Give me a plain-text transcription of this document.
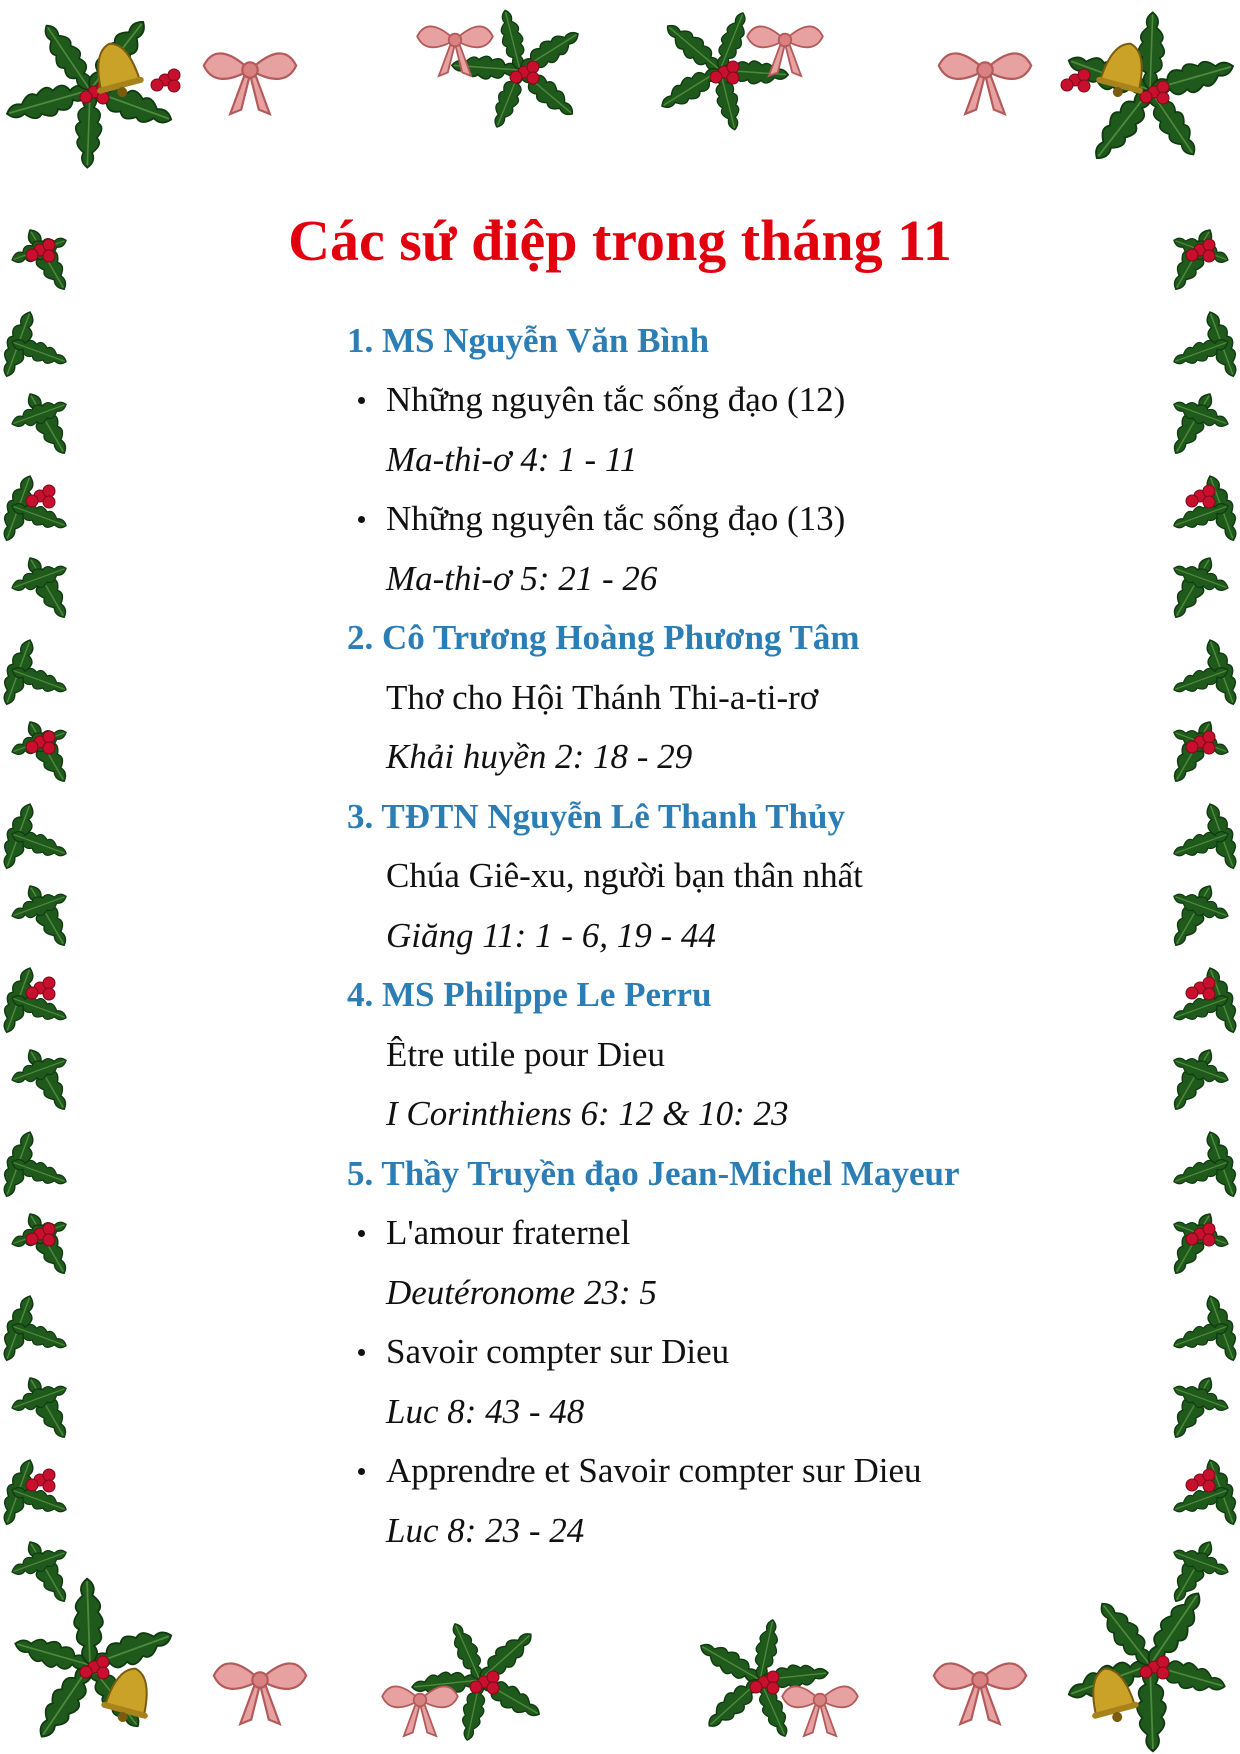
Các sứ điệp trong tháng 11
1. MS Nguyễn Văn Bình
Những nguyên tắc sống đạo (12)
Ma-thi-ơ 4: 1 - 11
Những nguyên tắc sống đạo (13)
Ma-thi-ơ 5: 21 - 26
2. Cô Trương Hoàng Phương Tâm
Thơ cho Hội Thánh Thi-a-ti-rơ
Khải huyền 2: 18 - 29
3. TĐTN Nguyễn Lê Thanh Thủy
Chúa Giê-xu, người bạn thân nhất
Giăng 11: 1 - 6, 19 - 44
4. MS Philippe Le Perru
Être utile pour Dieu
I Corinthiens 6: 12 & 10: 23
5. Thầy Truyền đạo Jean-Michel Mayeur
L'amour fraternel
Deutéronome 23: 5
Savoir compter sur Dieu
Luc 8: 43 - 48
Apprendre et Savoir compter sur Dieu
Luc 8: 23 - 24
